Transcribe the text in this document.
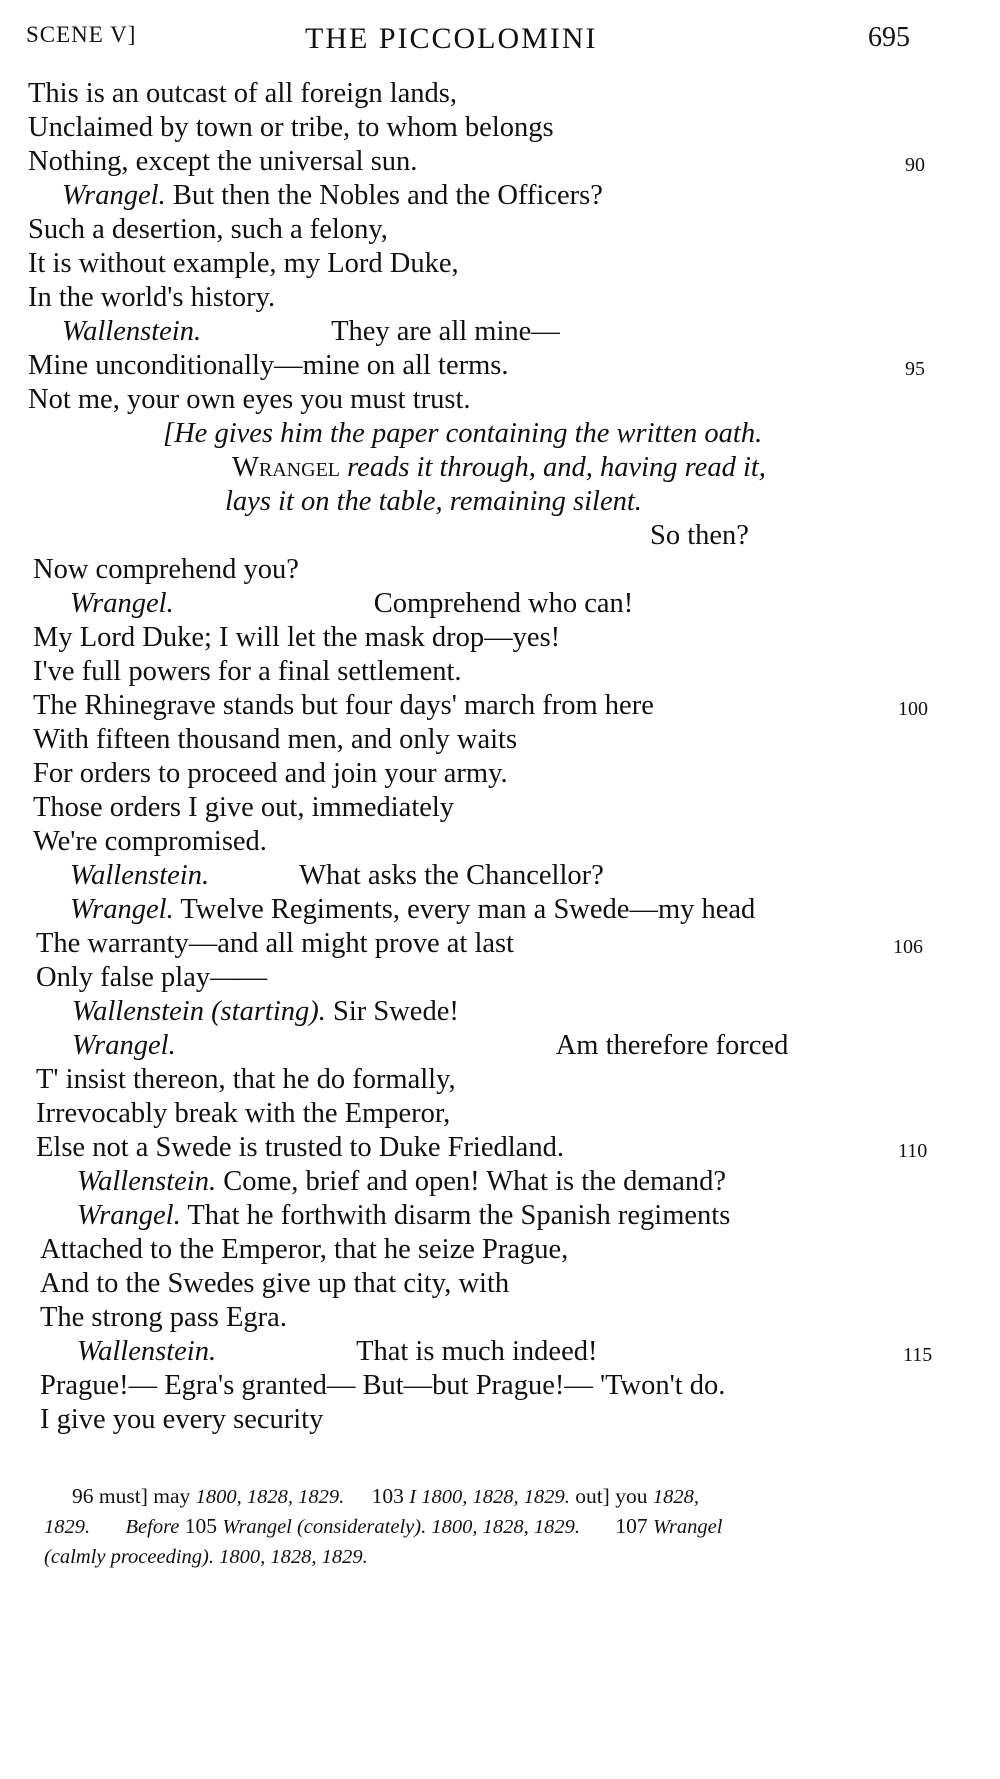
SCENE V]	THE PICCOLOMINI	695
This is an outcast of all foreign lands,
Unclaimed by town or tribe, to whom belongs
Nothing, except the universal sun.	90
Wrangel. But then the Nobles and the Officers?
Such a desertion, such a felony,
It is without example, my Lord Duke,
In the world's history.
Wallenstein.	They are all mine—
Mine unconditionally—mine on all terms.	95
Not me, your own eyes you must trust.
[He gives him the paper containing the written oath.
Wrangel reads it through, and, having read it,
lays it on the table, remaining silent.
So then?
Now comprehend you?
Wrangel.	Comprehend who can!
My Lord Duke; I will let the mask drop—yes!
I've full powers for a final settlement.
The Rhinegrave stands but four days' march from here	100
With fifteen thousand men, and only waits
For orders to proceed and join your army.
Those orders I give out, immediately
We're compromised.
Wallenstein.	What asks the Chancellor?
Wrangel. Twelve Regiments, every man a Swede—my head
The warranty—and all might prove at last	106
Only false play——
Wallenstein (starting). Sir Swede!
Wrangel.	Am therefore forced
T' insist thereon, that he do formally,
Irrevocably break with the Emperor,
Else not a Swede is trusted to Duke Friedland.	110
Wallenstein. Come, brief and open! What is the demand?
Wrangel. That he forthwith disarm the Spanish regiments
Attached to the Emperor, that he seize Prague,
And to the Swedes give up that city, with
The strong pass Egra.
Wallenstein.	That is much indeed!	115
Prague!— Egra's granted— But—but Prague!— 'Twon't do.
I give you every security
96 must] may 1800, 1828, 1829. 103 I 1800, 1828, 1829. out] you 1828,
1829. Before 105 Wrangel (considerately). 1800, 1828, 1829. 107 Wrangel
(calmly proceeding). 1800, 1828, 1829.
